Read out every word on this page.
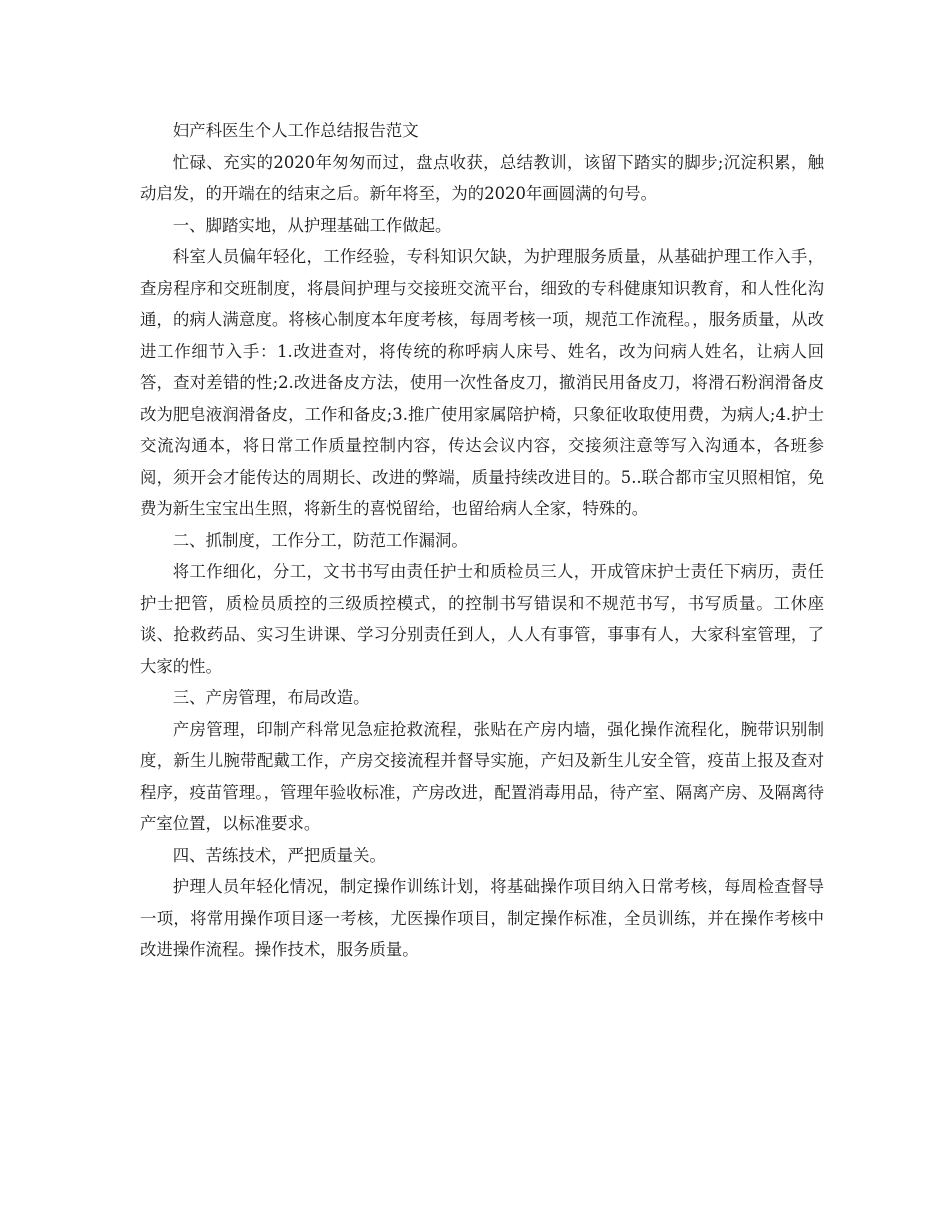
妇产科医生个人工作总结报告范文

忙碌、充实的2020年匆匆而过，盘点收获，总结教训，该留下踏实的脚步;沉淀积累，触动启发，的开端在的结束之后。新年将至，为的2020年画圆满的句号。

一、脚踏实地，从护理基础工作做起。

科室人员偏年轻化，工作经验，专科知识欠缺，为护理服务质量，从基础护理工作入手，查房程序和交班制度，将晨间护理与交接班交流平台，细致的专科健康知识教育，和人性化沟通，的病人满意度。将核心制度本年度考核，每周考核一项，规范工作流程。，服务质量，从改进工作细节入手：1.改进查对，将传统的称呼病人床号、姓名，改为问病人姓名，让病人回答，查对差错的性;2.改进备皮方法，使用一次性备皮刀，撤消民用备皮刀，将滑石粉润滑备皮改为肥皂液润滑备皮，工作和备皮;3.推广使用家属陪护椅，只象征收取使用费，为病人;4.护士交流沟通本，将日常工作质量控制内容，传达会议内容，交接须注意等写入沟通本，各班参阅，须开会才能传达的周期长、改进的弊端，质量持续改进目的。5..联合都市宝贝照相馆，免费为新生宝宝出生照，将新生的喜悦留给，也留给病人全家，特殊的。

二、抓制度，工作分工，防范工作漏洞。

将工作细化，分工，文书书写由责任护士和质检员三人，开成管床护士责任下病历，责任护士把管，质检员质控的三级质控模式，的控制书写错误和不规范书写，书写质量。工休座谈、抢救药品、实习生讲课、学习分别责任到人，人人有事管，事事有人，大家科室管理，了大家的性。

三、产房管理，布局改造。

产房管理，印制产科常见急症抢救流程，张贴在产房内墙，强化操作流程化，腕带识别制度，新生儿腕带配戴工作，产房交接流程并督导实施，产妇及新生儿安全管，疫苗上报及查对程序，疫苗管理。，管理年验收标准，产房改进，配置消毒用品，待产室、隔离产房、及隔离待产室位置，以标准要求。

四、苦练技术，严把质量关。

护理人员年轻化情况，制定操作训练计划，将基础操作项目纳入日常考核，每周检查督导一项，将常用操作项目逐一考核，尤医操作项目，制定操作标准，全员训练，并在操作考核中改进操作流程。操作技术，服务质量。
